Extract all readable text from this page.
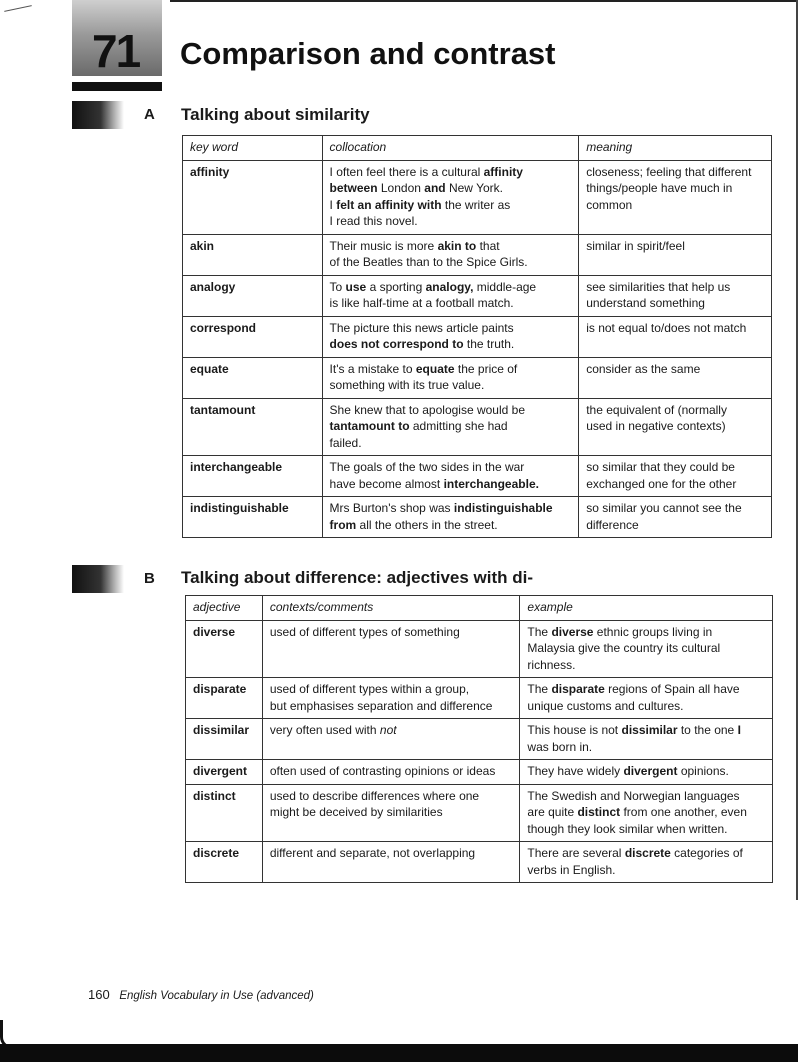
71 Comparison and contrast
A Talking about similarity
key word	collocation	meaning
affinity	I often feel there is a cultural affinity
between London and New York.
I felt an affinity with the writer as
I read this novel.	closeness; feeling that different
things/people have much in
common

akin	Their music is more akin to that
of the Beatles than to the Spice Girls.	similar in spirit/feel

analogy	To use a sporting analogy, middle-age
is like half-time at a football match.	see similarities that help us
understand something

correspond	The picture this news article paints
does not correspond to the truth.	is not equal to/does not match

equate	It's a mistake to equate the price of
something with its true value.	consider as the same

tantamount	She knew that to apologise would be
tantamount to admitting she had
failed.	the equivalent of (normally
used in negative contexts)

interchangeable	The goals of the two sides in the war
have become almost interchangeable.	so similar that they could be
exchanged one for the other

indistinguishable	Mrs Burton's shop was indistinguishable
from all the others in the street.	so similar you cannot see the
difference
B Talking about difference: adjectives with di-
adjective	contexts/comments	example
diverse	used of different types of something	The diverse ethnic groups living in
Malaysia give the country its cultural
richness.

disparate	used of different types within a group,
but emphasises separation and difference	The disparate regions of Spain all have
unique customs and cultures.

dissimilar	very often used with not	This house is not dissimilar to the one I
was born in.

divergent	often used of contrasting opinions or ideas	They have widely divergent opinions.

distinct	used to describe differences where one
might be deceived by similarities	The Swedish and Norwegian languages
are quite distinct from one another, even
though they look similar when written.

discrete	different and separate, not overlapping	There are several discrete categories of
verbs in English.
160 English Vocabulary in Use (advanced)
